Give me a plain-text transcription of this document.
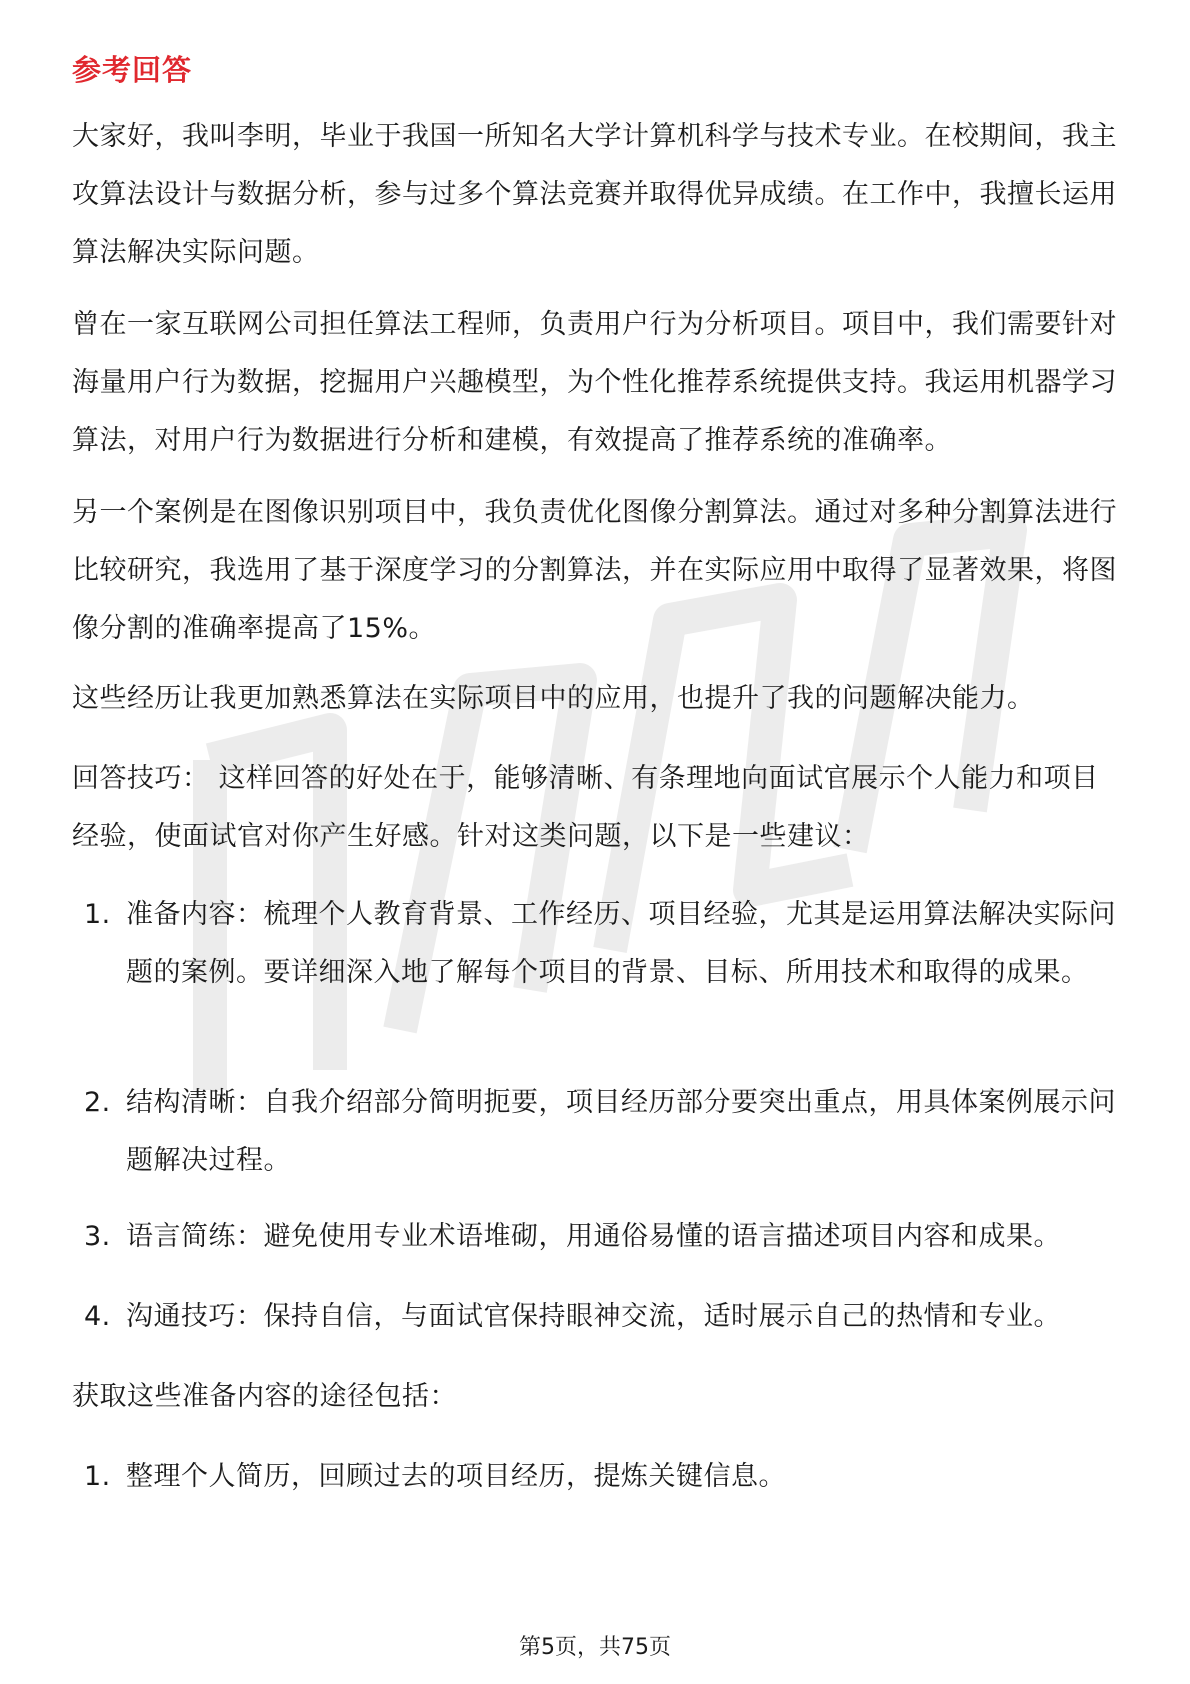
参考回答

大家好，我叫李明，毕业于我国一所知名大学计算机科学与技术专业。在校期间，我主攻算法设计与数据分析，参与过多个算法竞赛并取得优异成绩。在工作中，我擅长运用算法解决实际问题。

曾在一家互联网公司担任算法工程师，负责用户行为分析项目。项目中，我们需要针对海量用户行为数据，挖掘用户兴趣模型，为个性化推荐系统提供支持。我运用机器学习算法，对用户行为数据进行分析和建模，有效提高了推荐系统的准确率。

另一个案例是在图像识别项目中，我负责优化图像分割算法。通过对多种分割算法进行比较研究，我选用了基于深度学习的分割算法，并在实际应用中取得了显著效果，将图像分割的准确率提高了15%。

这些经历让我更加熟悉算法在实际项目中的应用，也提升了我的问题解决能力。

回答技巧： 这样回答的好处在于，能够清晰、有条理地向面试官展示个人能力和项目经验，使面试官对你产生好感。针对这类问题，以下是一些建议：

1. 准备内容：梳理个人教育背景、工作经历、项目经验，尤其是运用算法解决实际问题的案例。要详细深入地了解每个项目的背景、目标、所用技术和取得的成果。
2. 结构清晰：自我介绍部分简明扼要，项目经历部分要突出重点，用具体案例展示问题解决过程。
3. 语言简练：避免使用专业术语堆砌，用通俗易懂的语言描述项目内容和成果。
4. 沟通技巧：保持自信，与面试官保持眼神交流，适时展示自己的热情和专业。

获取这些准备内容的途径包括：

1. 整理个人简历，回顾过去的项目经历，提炼关键信息。
第5页，共75页
